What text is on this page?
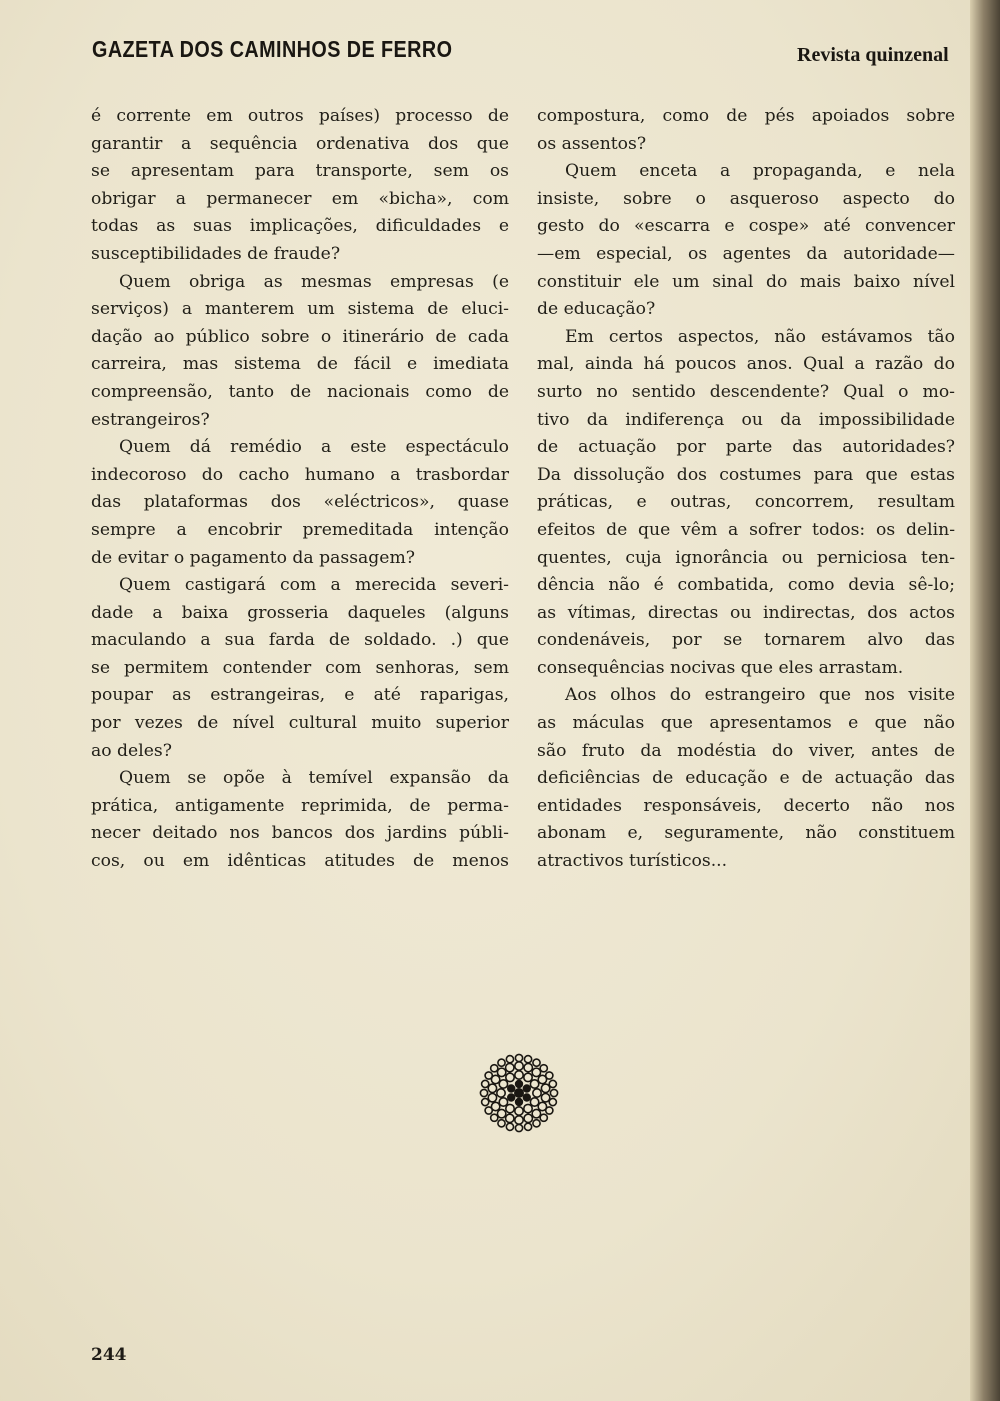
GAZETA DOS CAMINHOS DE FERRO	Revista quinzenal
é corrente em outros países) processo de
garantir a sequência ordenativa dos que
se apresentam para transporte, sem os
obrigar a permanecer em «bicha», com
todas as suas implicações, dificuldades e
susceptibilidades de fraude?
Quem obriga as mesmas empresas (e
serviços) a manterem um sistema de eluci-
dação ao público sobre o itinerário de cada
carreira, mas sistema de fácil e imediata
compreensão, tanto de nacionais como de
estrangeiros?
Quem dá remédio a este espectáculo
indecoroso do cacho humano a trasbordar
das plataformas dos «eléctricos», quase
sempre a encobrir premeditada intenção
de evitar o pagamento da passagem?
Quem castigará com a merecida severi-
dade a baixa grosseria daqueles (alguns
maculando a sua farda de soldado. .) que
se permitem contender com senhoras, sem
poupar as estrangeiras, e até raparigas,
por vezes de nível cultural muito superior
ao deles?
Quem se opõe à temível expansão da
prática, antigamente reprimida, de perma-
necer deitado nos bancos dos jardins públi-
cos, ou em idênticas atitudes de menos
compostura, como de pés apoiados sobre
os assentos?
Quem enceta a propaganda, e nela
insiste, sobre o asqueroso aspecto do
gesto do «escarra e cospe» até convencer
—em especial, os agentes da autoridade—
constituir ele um sinal do mais baixo nível
de educação?
Em certos aspectos, não estávamos tão
mal, ainda há poucos anos. Qual a razão do
surto no sentido descendente? Qual o mo-
tivo da indiferença ou da impossibilidade
de actuação por parte das autoridades?
Da dissolução dos costumes para que estas
práticas, e outras, concorrem, resultam
efeitos de que vêm a sofrer todos: os delin-
quentes, cuja ignorância ou perniciosa ten-
dência não é combatida, como devia sê-lo;
as vítimas, directas ou indirectas, dos actos
condenáveis, por se tornarem alvo das
consequências nocivas que eles arrastam.
Aos olhos do estrangeiro que nos visite
as máculas que apresentamos e que não
são fruto da modéstia do viver, antes de
deficiências de educação e de actuação das
entidades responsáveis, decerto não nos
abonam e, seguramente, não constituem
atractivos turísticos...
244
